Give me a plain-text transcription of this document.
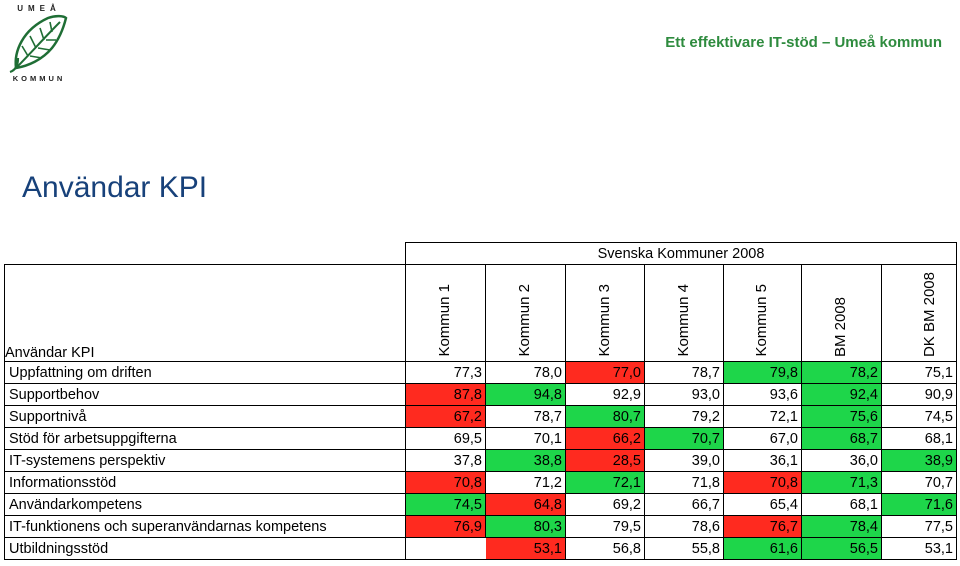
UMEÅ
KOMMUN
Ett effektivare IT-stöd – Umeå kommun
Användar KPI
	Svenska Kommuner 2008						
Användar KPI	Kommun 1	Kommun 2	Kommun 3	Kommun 4	Kommun 5	BM 2008	DK BM 2008
Uppfattning om driften	77,3	78,0	77,0	78,7	79,8	78,2	75,1
Supportbehov	87,8	94,8	92,9	93,0	93,6	92,4	90,9
Supportnivå	67,2	78,7	80,7	79,2	72,1	75,6	74,5
Stöd för arbetsuppgifterna	69,5	70,1	66,2	70,7	67,0	68,7	68,1
IT-systemens perspektiv	37,8	38,8	28,5	39,0	36,1	36,0	38,9
Informationsstöd	70,8	71,2	72,1	71,8	70,8	71,3	70,7
Användarkompetens	74,5	64,8	69,2	66,7	65,4	68,1	71,6
IT-funktionens och superanvändarnas kompetens	76,9	80,3	79,5	78,6	76,7	78,4	77,5
Utbildningsstöd		53,1	56,8	55,8	61,6	56,5	53,1
